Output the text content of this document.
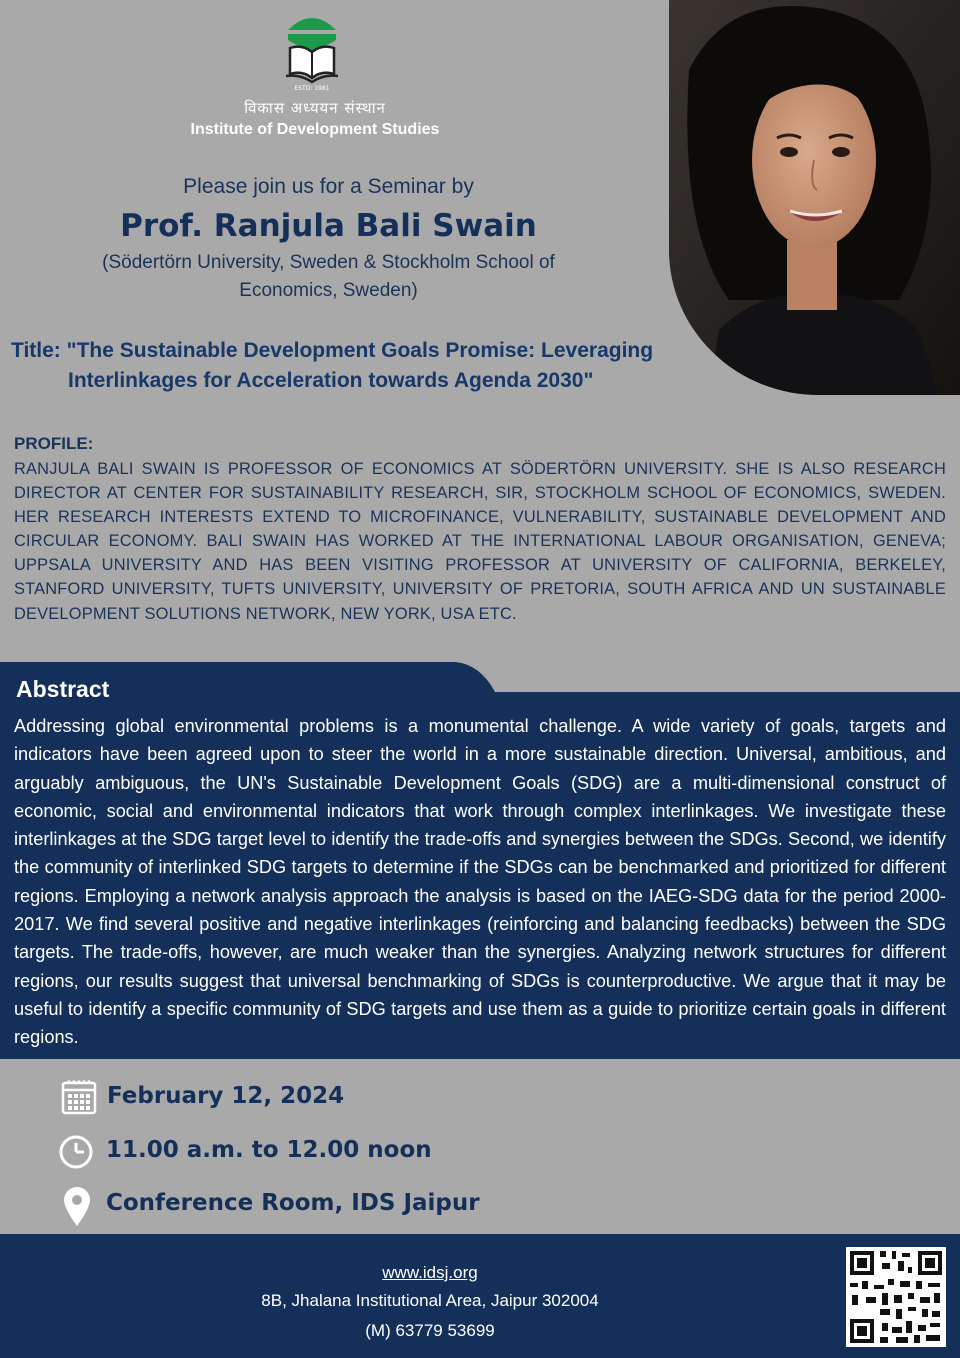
ESTD: 1981
विकास अध्ययन संस्थान
Institute of Development Studies
Please join us for a Seminar by
Prof. Ranjula Bali Swain
(Södertörn University, Sweden & Stockholm School of Economics, Sweden)
Title: "The Sustainable Development Goals Promise: Leveraging
Interlinkages for Acceleration towards Agenda 2030"
PROFILE:
RANJULA BALI SWAIN IS PROFESSOR OF ECONOMICS AT SÖDERTÖRN UNIVERSITY. SHE IS ALSO RESEARCH DIRECTOR AT CENTER FOR SUSTAINABILITY RESEARCH, SIR, STOCKHOLM SCHOOL OF ECONOMICS, SWEDEN. HER RESEARCH INTERESTS EXTEND TO MICROFINANCE, VULNERABILITY, SUSTAINABLE DEVELOPMENT AND CIRCULAR ECONOMY. BALI SWAIN HAS WORKED AT THE INTERNATIONAL LABOUR ORGANISATION, GENEVA; UPPSALA UNIVERSITY AND HAS BEEN VISITING PROFESSOR AT UNIVERSITY OF CALIFORNIA, BERKELEY, STANFORD UNIVERSITY, TUFTS UNIVERSITY, UNIVERSITY OF PRETORIA, SOUTH AFRICA AND UN SUSTAINABLE DEVELOPMENT SOLUTIONS NETWORK, NEW YORK, USA ETC.
Abstract
Addressing global environmental problems is a monumental challenge. A wide variety of goals, targets and indicators have been agreed upon to steer the world in a more sustainable direction. Universal, ambitious, and arguably ambiguous, the UN's Sustainable Development Goals (SDG) are a multi-dimensional construct of economic, social and environmental indicators that work through complex interlinkages. We investigate these interlinkages at the SDG target level to identify the trade-offs and synergies between the SDGs. Second, we identify the community of interlinked SDG targets to determine if the SDGs can be benchmarked and prioritized for different regions. Employing a network analysis approach the analysis is based on the IAEG-SDG data for the period 2000-2017. We find several positive and negative interlinkages (reinforcing and balancing feedbacks) between the SDG targets. The trade-offs, however, are much weaker than the synergies. Analyzing network structures for different regions, our results suggest that universal benchmarking of SDGs is counterproductive. We argue that it may be useful to identify a specific community of SDG targets and use them as a guide to prioritize certain goals in different regions.
February 12, 2024
11.00 a.m. to 12.00 noon
Conference Room, IDS Jaipur
www.idsj.org
8B, Jhalana Institutional Area, Jaipur 302004
(M) 63779 53699
